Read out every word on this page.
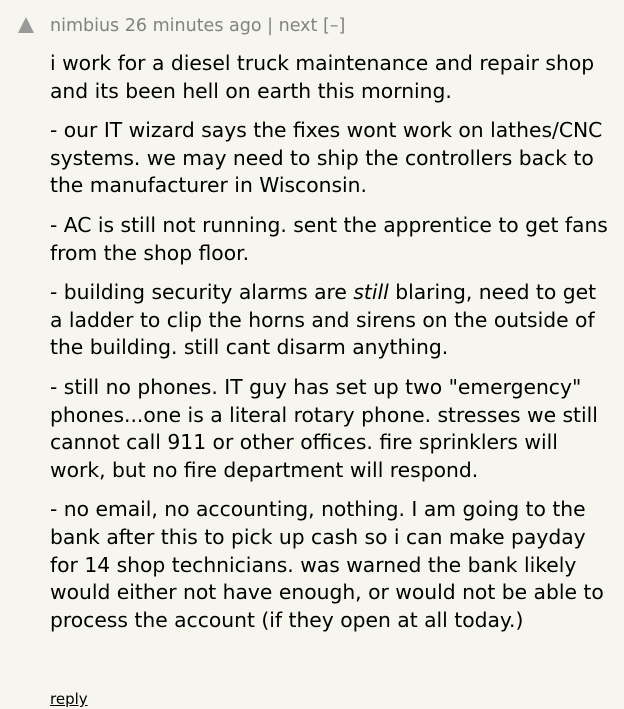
nimbius 26 minutes ago | next [–]

i work for a diesel truck maintenance and repair shop and its been hell on earth this morning.

- our IT wizard says the fixes wont work on lathes/CNC systems. we may need to ship the controllers back to the manufacturer in Wisconsin.

- AC is still not running. sent the apprentice to get fans from the shop floor.

- building security alarms are still blaring, need to get a ladder to clip the horns and sirens on the outside of the building. still cant disarm anything.

- still no phones. IT guy has set up two "emergency" phones...one is a literal rotary phone. stresses we still cannot call 911 or other offices. fire sprinklers will work, but no fire department will respond.

- no email, no accounting, nothing. I am going to the bank after this to pick up cash so i can make payday for 14 shop technicians. was warned the bank likely would either not have enough, or would not be able to process the account (if they open at all today.)

reply
